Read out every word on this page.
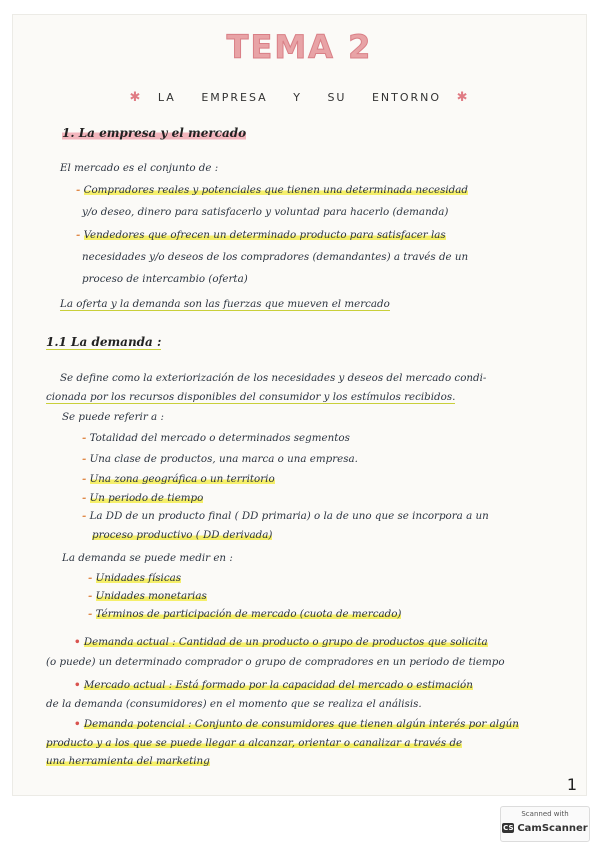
TEMA 2
✱ LA EMPRESA Y SU ENTORNO ✱
1. La empresa y el mercado
El mercado es el conjunto de :
- Compradores reales y potenciales que tienen una determinada necesidad
y/o deseo, dinero para satisfacerlo y voluntad para hacerlo (demanda)
- Vendedores que ofrecen un determinado producto para satisfacer las
necesidades y/o deseos de los compradores (demandantes) a través de un
proceso de intercambio (oferta)
La oferta y la demanda son las fuerzas que mueven el mercado
1.1 La demanda :
Se define como la exteriorización de los necesidades y deseos del mercado condi-
cionada por los recursos disponibles del consumidor y los estímulos recibidos.
Se puede referir a :
- Totalidad del mercado o determinados segmentos
- Una clase de productos, una marca o una empresa.
- Una zona geográfica o un territorio
- Un periodo de tiempo
- La DD de un producto final ( DD primaria) o la de uno que se incorpora a un
proceso productivo ( DD derivada)
La demanda se puede medir en :
- Unidades físicas
- Unidades monetarias
- Términos de participación de mercado (cuota de mercado)
• Demanda actual : Cantidad de un producto o grupo de productos que solicita
(o puede) un determinado comprador o grupo de compradores en un periodo de tiempo
• Mercado actual : Está formado por la capacidad del mercado o estimación
de la demanda (consumidores) en el momento que se realiza el análisis.
• Demanda potencial : Conjunto de consumidores que tienen algún interés por algún
producto y a los que se puede llegar a alcanzar, orientar o canalizar a través de
una herramienta del marketing
1
Scanned with
CS CamScanner
